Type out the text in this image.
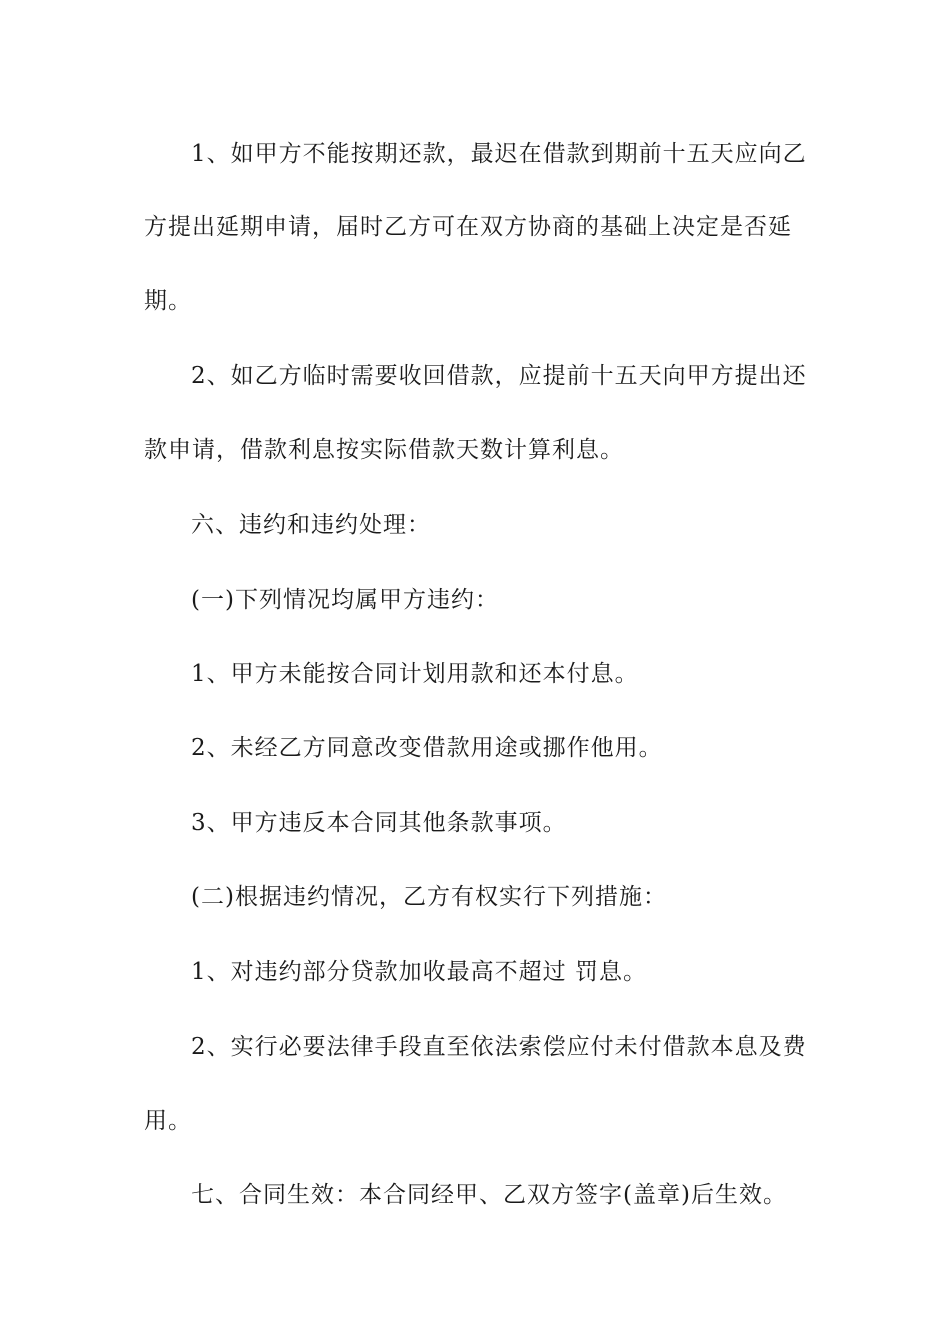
1、如甲方不能按期还款，最迟在借款到期前十五天应向乙
方提出延期申请，届时乙方可在双方协商的基础上决定是否延
期。
2、如乙方临时需要收回借款，应提前十五天向甲方提出还
款申请，借款利息按实际借款天数计算利息。
六、违约和违约处理：
(一)下列情况均属甲方违约：
1、甲方未能按合同计划用款和还本付息。
2、未经乙方同意改变借款用途或挪作他用。
3、甲方违反本合同其他条款事项。
(二)根据违约情况，乙方有权实行下列措施：
1、对违约部分贷款加收最高不超过 罚息。
2、实行必要法律手段直至依法索偿应付未付借款本息及费
用。
七、合同生效：本合同经甲、乙双方签字(盖章)后生效。
